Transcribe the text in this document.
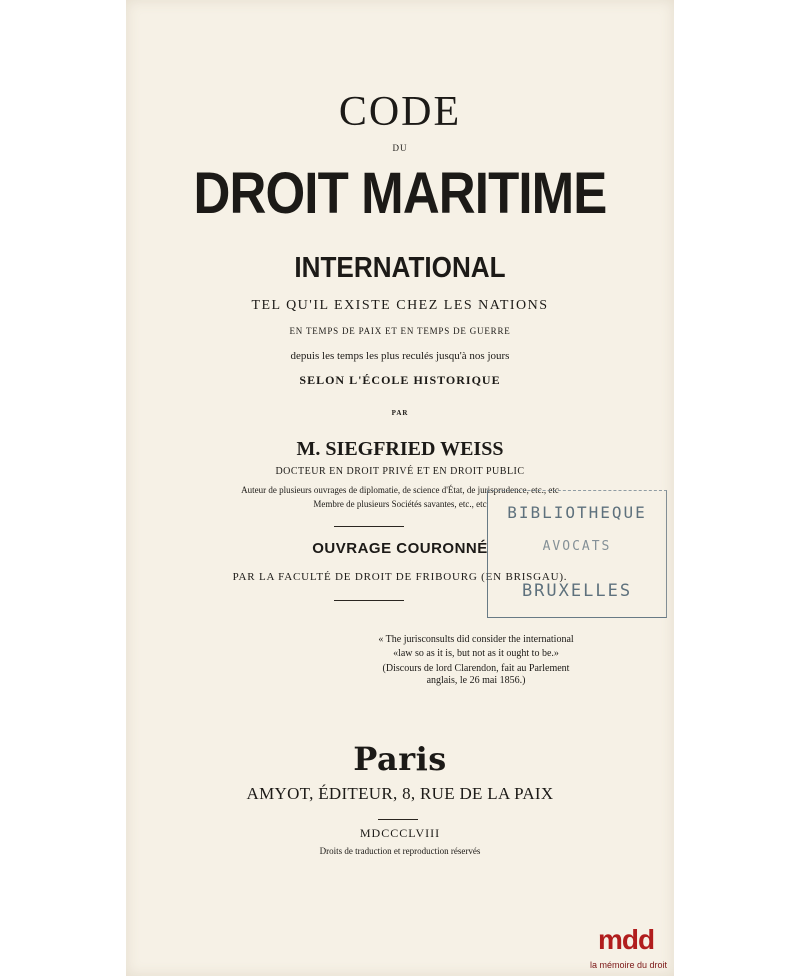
CODE
DU
DROIT MARITIME
INTERNATIONAL
TEL QU'IL EXISTE CHEZ LES NATIONS
EN TEMPS DE PAIX ET EN TEMPS DE GUERRE
depuis les temps les plus reculés jusqu'à nos jours
SELON L'ÉCOLE HISTORIQUE
PAR
M. SIEGFRIED WEISS
DOCTEUR EN DROIT PRIVÉ ET EN DROIT PUBLIC
Auteur de plusieurs ouvrages de diplomatie, de science d'État, de jurisprudence, etc., etc
Membre de plusieurs Sociétés savantes, etc., etc
OUVRAGE COURONNÉ
PAR LA FACULTÉ DE DROIT DE FRIBOURG (EN BRISGAU).
« The jurisconsults did consider the international
«law so as it is, but not as it ought to be.»
(Discours de lord Clarendon, fait au Parlement
anglais, le 26 mai 1856.)
Paris
AMYOT, ÉDITEUR, 8, RUE DE LA PAIX
MDCCCLVIII
Droits de traduction et reproduction réservés
BIBLIOTHEQUE
AVOCATS
BRUXELLES
mdd
la mémoire du droit
